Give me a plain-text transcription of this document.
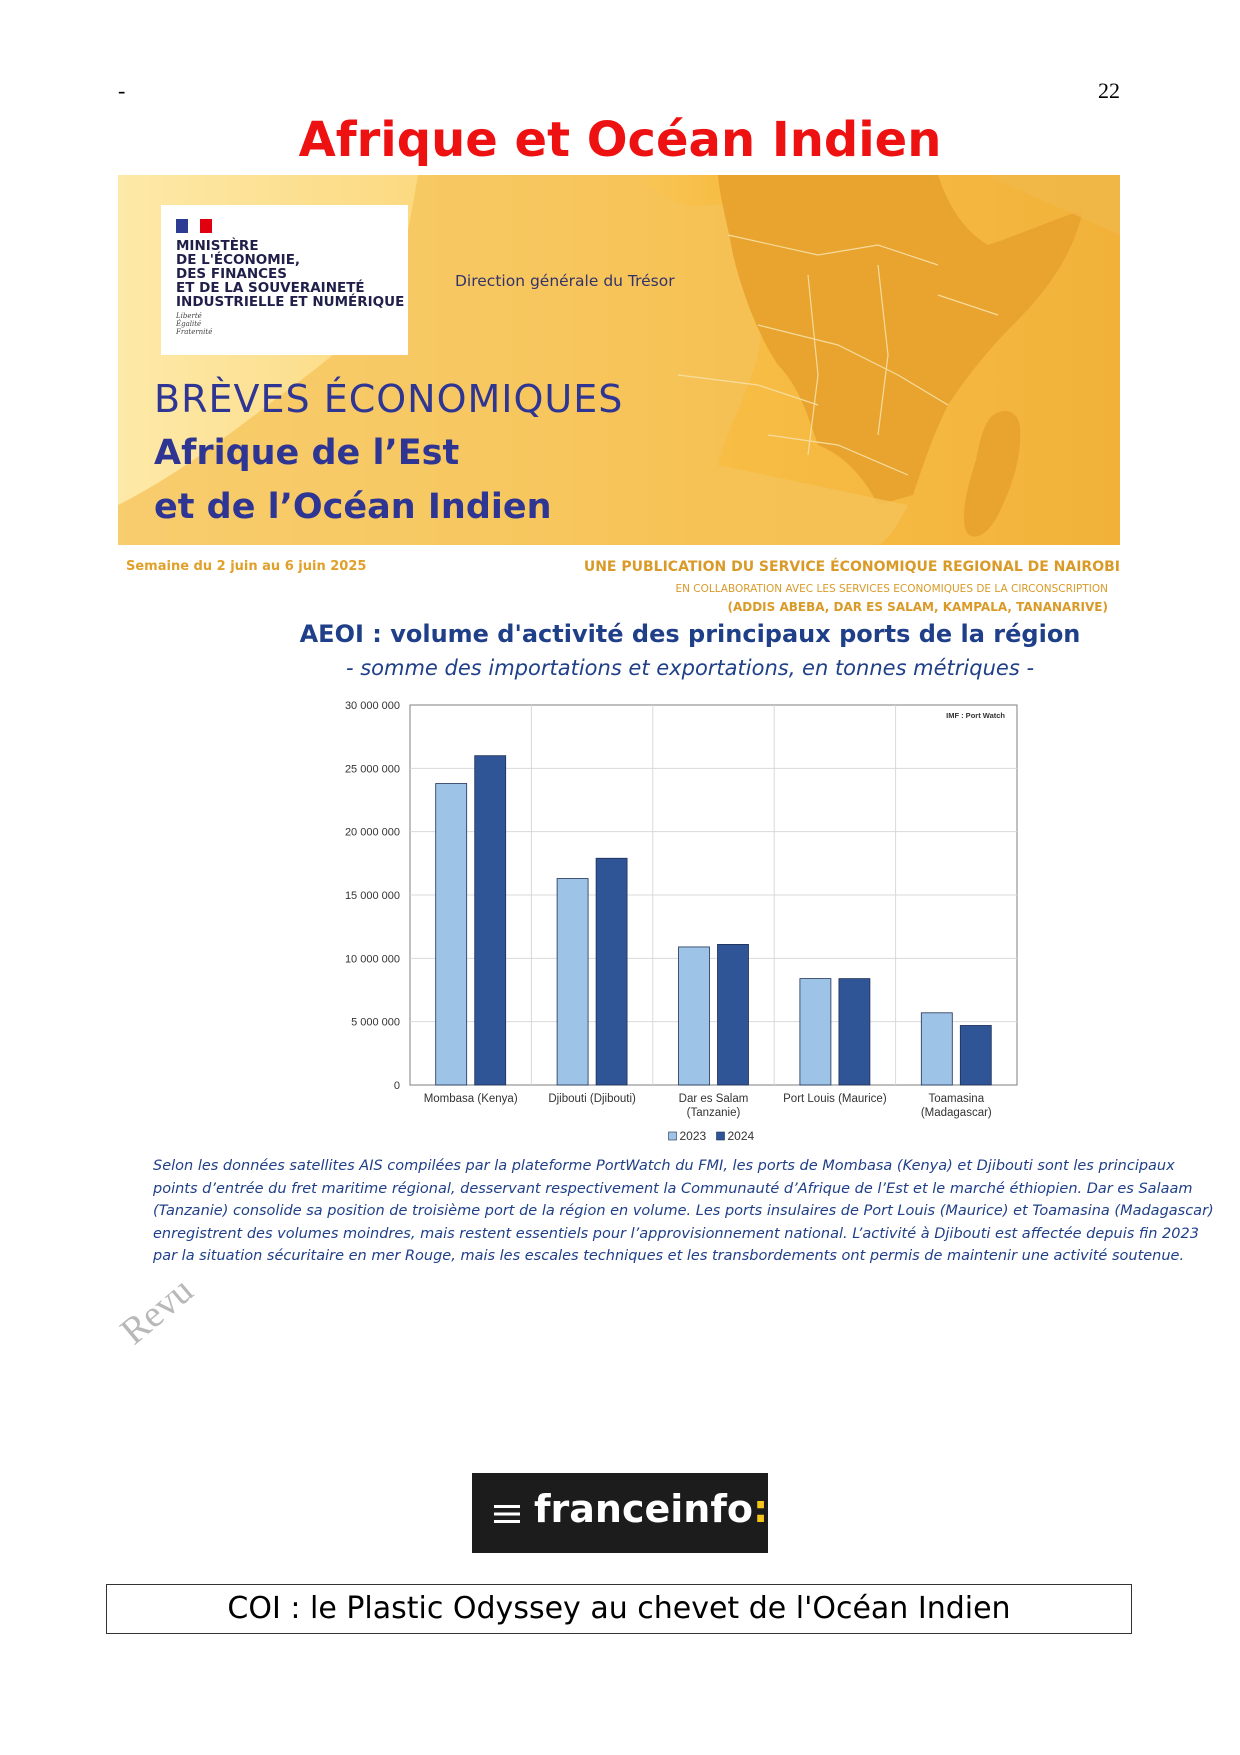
-	22
Afrique et Océan Indien
MINISTÈRE
DE L'ÉCONOMIE,
DES FINANCES
ET DE LA SOUVERAINETÉ
INDUSTRIELLE ET NUMÉRIQUE
Liberté
Égalité
Fraternité
Direction générale du Trésor
BRÈVES ÉCONOMIQUES
Afrique de l’Est
et de l’Océan Indien
Semaine du 2 juin au 6 juin 2025	UNE PUBLICATION DU SERVICE ÉCONOMIQUE REGIONAL DE NAIROBI
EN COLLABORATION AVEC LES SERVICES ECONOMIQUES DE LA CIRCONSCRIPTION
(ADDIS ABEBA, DAR ES SALAM, KAMPALA, TANANARIVE)
AEOI : volume d'activité des principaux ports de la région
- somme des importations et exportations, en tonnes métriques -
0
5 000 000
10 000 000
15 000 000
20 000 000
25 000 000
30 000 000
Mombasa (Kenya)	Djibouti (Djibouti)	Dar es Salam
(Tanzanie)
Port Louis (Maurice)	Toamasina
(Madagascar)
IMF : Port Watch
2023 2024
Selon les données satellites AIS compilées par la plateforme PortWatch du FMI, les ports de Mombasa (Kenya) et Djibouti sont les principaux
points d’entrée du fret maritime régional, desservant respectivement la Communauté d’Afrique de l’Est et le marché éthiopien. Dar es Salaam
(Tanzanie) consolide sa position de troisième port de la région en volume. Les ports insulaires de Port Louis (Maurice) et Toamasina (Madagascar)
enregistrent des volumes moindres, mais restent essentiels pour l’approvisionnement national. L’activité à Djibouti est affectée depuis fin 2023
par la situation sécuritaire en mer Rouge, mais les escales techniques et les transbordements ont permis de maintenir une activité soutenue.
Revu
franceinfo:
COI : le Plastic Odyssey au chevet de l'Océan Indien
